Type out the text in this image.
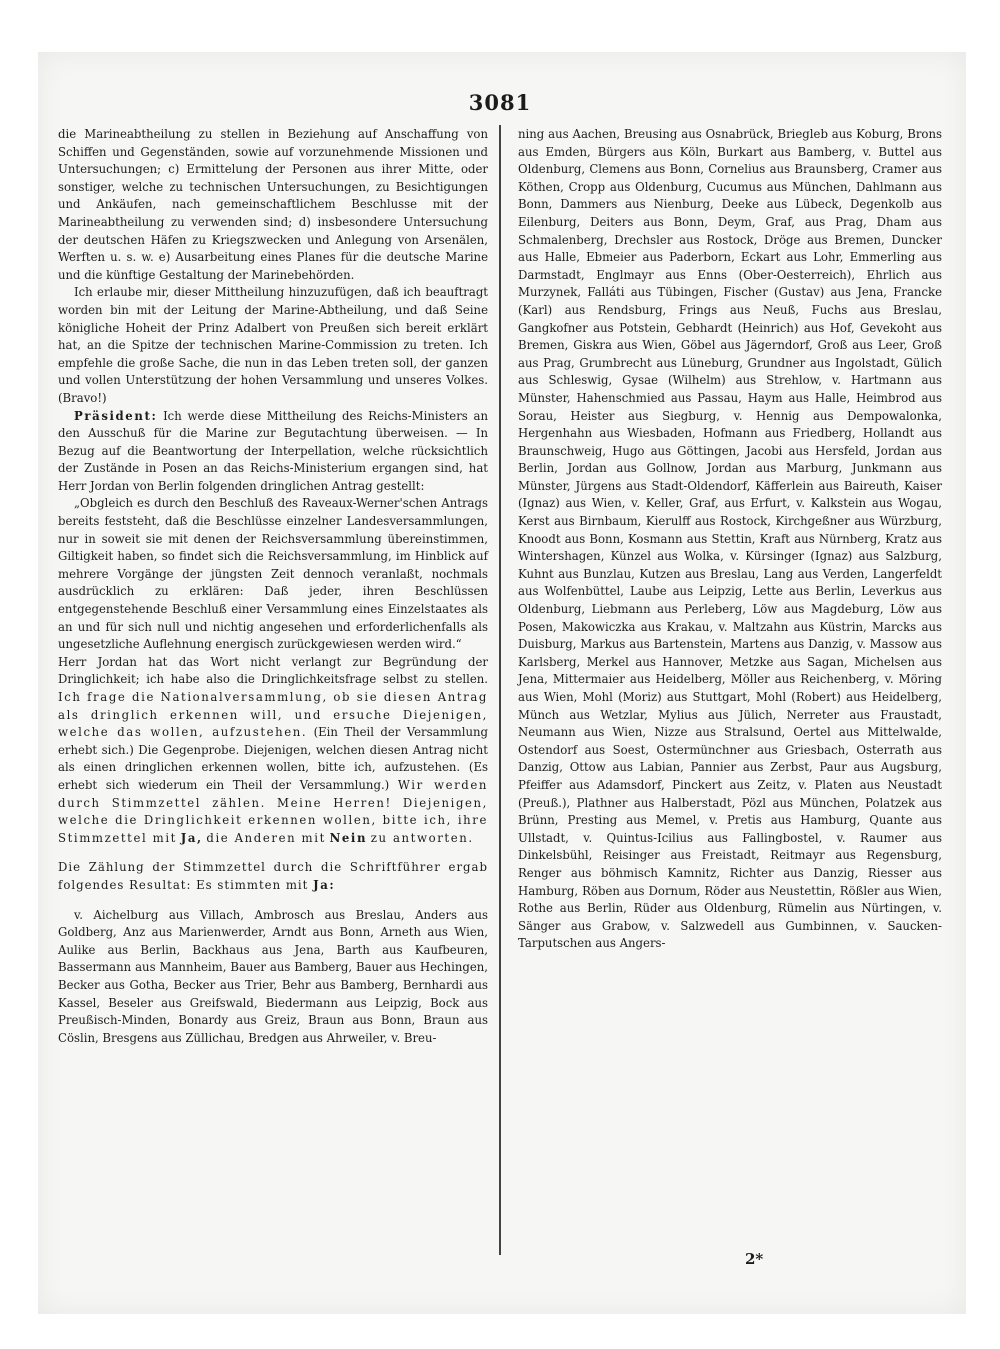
3081

die Marineabtheilung zu stellen in Beziehung auf Anschaffung von Schiffen und Gegenständen, sowie auf vorzunehmende Missionen und Untersuchungen; c) Ermittelung der Personen aus ihrer Mitte, oder sonstiger, welche zu technischen Untersuchungen, zu Besichtigungen und Ankäufen, nach gemeinschaftlichem Beschlusse mit der Marineabtheilung zu verwenden sind; d) insbesondere Untersuchung der deutschen Häfen zu Kriegszwecken und Anlegung von Arsenälen, Werften u. s. w. e) Ausarbeitung eines Planes für die deutsche Marine und die künftige Gestaltung der Marinebehörden.

Ich erlaube mir, dieser Mittheilung hinzuzufügen, daß ich beauftragt worden bin mit der Leitung der Marine-Abtheilung, und daß Seine königliche Hoheit der Prinz Adalbert von Preußen sich bereit erklärt hat, an die Spitze der technischen Marine-Commission zu treten. Ich empfehle die große Sache, die nun in das Leben treten soll, der ganzen und vollen Unterstützung der hohen Versammlung und unseres Volkes. (Bravo!)

Präsident: Ich werde diese Mittheilung des Reichs-Ministers an den Ausschuß für die Marine zur Begutachtung überweisen. — In Bezug auf die Beantwortung der Interpellation, welche rücksichtlich der Zustände in Posen an das Reichs-Ministerium ergangen sind, hat Herr Jordan von Berlin folgenden dringlichen Antrag gestellt:

„Obgleich es durch den Beschluß des Raveaux-Werner'schen Antrags bereits feststeht, daß die Beschlüsse einzelner Landesversammlungen, nur in soweit sie mit denen der Reichsversammlung übereinstimmen, Giltigkeit haben, so findet sich die Reichsversammlung, im Hinblick auf mehrere Vorgänge der jüngsten Zeit dennoch veranlaßt, nochmals ausdrücklich zu erklären: Daß jeder, ihren Beschlüssen entgegenstehende Beschluß einer Versammlung eines Einzelstaates als an und für sich null und nichtig angesehen und erforderlichenfalls als ungesetzliche Auflehnung energisch zurückgewiesen werden wird.“

Herr Jordan hat das Wort nicht verlangt zur Begründung der Dringlichkeit; ich habe also die Dringlichkeitsfrage selbst zu stellen. Ich frage die Nationalversammlung, ob sie diesen Antrag als dringlich erkennen will, und ersuche Diejenigen, welche das wollen, aufzustehen. (Ein Theil der Versammlung erhebt sich.) Die Gegenprobe. Diejenigen, welchen diesen Antrag nicht als einen dringlichen erkennen wollen, bitte ich, aufzustehen. (Es erhebt sich wiederum ein Theil der Versammlung.) Wir werden durch Stimmzettel zählen. Meine Herren! Diejenigen, welche die Dringlichkeit erkennen wollen, bitte ich, ihre Stimmzettel mit Ja, die Anderen mit Nein zu antworten.

Die Zählung der Stimmzettel durch die Schriftführer ergab folgendes Resultat: Es stimmten mit Ja:

v. Aichelburg aus Villach, Ambrosch aus Breslau, Anders aus Goldberg, Anz aus Marienwerder, Arndt aus Bonn, Arneth aus Wien, Aulike aus Berlin, Backhaus aus Jena, Barth aus Kaufbeuren, Bassermann aus Mannheim, Bauer aus Bamberg, Bauer aus Hechingen, Becker aus Gotha, Becker aus Trier, Behr aus Bamberg, Bernhardi aus Kassel, Beseler aus Greifswald, Biedermann aus Leipzig, Bock aus Preußisch-Minden, Bonardy aus Greiz, Braun aus Bonn, Braun aus Cöslin, Bresgens aus Züllichau, Bredgen aus Ahrweiler, v. Breu-

ning aus Aachen, Breusing aus Osnabrück, Briegleb aus Koburg, Brons aus Emden, Bürgers aus Köln, Burkart aus Bamberg, v. Buttel aus Oldenburg, Clemens aus Bonn, Cornelius aus Braunsberg, Cramer aus Köthen, Cropp aus Oldenburg, Cucumus aus München, Dahlmann aus Bonn, Dammers aus Nienburg, Deeke aus Lübeck, Degenkolb aus Eilenburg, Deiters aus Bonn, Deym, Graf, aus Prag, Dham aus Schmalenberg, Drechsler aus Rostock, Dröge aus Bremen, Duncker aus Halle, Ebmeier aus Paderborn, Eckart aus Lohr, Emmerling aus Darmstadt, Englmayr aus Enns (Ober-Oesterreich), Ehrlich aus Murzynek, Falláti aus Tübingen, Fischer (Gustav) aus Jena, Francke (Karl) aus Rendsburg, Frings aus Neuß, Fuchs aus Breslau, Gangkofner aus Potstein, Gebhardt (Heinrich) aus Hof, Gevekoht aus Bremen, Giskra aus Wien, Göbel aus Jägerndorf, Groß aus Leer, Groß aus Prag, Grumbrecht aus Lüneburg, Grundner aus Ingolstadt, Gülich aus Schleswig, Gysae (Wilhelm) aus Strehlow, v. Hartmann aus Münster, Hahenschmied aus Passau, Haym aus Halle, Heimbrod aus Sorau, Heister aus Siegburg, v. Hennig aus Dempowalonka, Hergenhahn aus Wiesbaden, Hofmann aus Friedberg, Hollandt aus Braunschweig, Hugo aus Göttingen, Jacobi aus Hersfeld, Jordan aus Berlin, Jordan aus Gollnow, Jordan aus Marburg, Junkmann aus Münster, Jürgens aus Stadt-Oldendorf, Käfferlein aus Baireuth, Kaiser (Ignaz) aus Wien, v. Keller, Graf, aus Erfurt, v. Kalkstein aus Wogau, Kerst aus Birnbaum, Kierulff aus Rostock, Kirchgeßner aus Würzburg, Knoodt aus Bonn, Kosmann aus Stettin, Kraft aus Nürnberg, Kratz aus Wintershagen, Künzel aus Wolka, v. Kürsinger (Ignaz) aus Salzburg, Kuhnt aus Bunzlau, Kutzen aus Breslau, Lang aus Verden, Langerfeldt aus Wolfenbüttel, Laube aus Leipzig, Lette aus Berlin, Leverkus aus Oldenburg, Liebmann aus Perleberg, Löw aus Magdeburg, Löw aus Posen, Makowiczka aus Krakau, v. Maltzahn aus Küstrin, Marcks aus Duisburg, Markus aus Bartenstein, Martens aus Danzig, v. Massow aus Karlsberg, Merkel aus Hannover, Metzke aus Sagan, Michelsen aus Jena, Mittermaier aus Heidelberg, Möller aus Reichenberg, v. Möring aus Wien, Mohl (Moriz) aus Stuttgart, Mohl (Robert) aus Heidelberg, Münch aus Wetzlar, Mylius aus Jülich, Nerreter aus Fraustadt, Neumann aus Wien, Nizze aus Stralsund, Oertel aus Mittelwalde, Ostendorf aus Soest, Ostermünchner aus Griesbach, Osterrath aus Danzig, Ottow aus Labian, Pannier aus Zerbst, Paur aus Augsburg, Pfeiffer aus Adamsdorf, Pinckert aus Zeitz, v. Platen aus Neustadt (Preuß.), Plathner aus Halberstadt, Pözl aus München, Polatzek aus Brünn, Presting aus Memel, v. Pretis aus Hamburg, Quante aus Ullstadt, v. Quintus-Icilius aus Fallingbostel, v. Raumer aus Dinkelsbühl, Reisinger aus Freistadt, Reitmayr aus Regensburg, Renger aus böhmisch Kamnitz, Richter aus Danzig, Riesser aus Hamburg, Röben aus Dornum, Röder aus Neustettin, Rößler aus Wien, Rothe aus Berlin, Rüder aus Oldenburg, Rümelin aus Nürtingen, v. Sänger aus Grabow, v. Salzwedell aus Gumbinnen, v. Saucken-Tarputschen aus Angers-

2*
